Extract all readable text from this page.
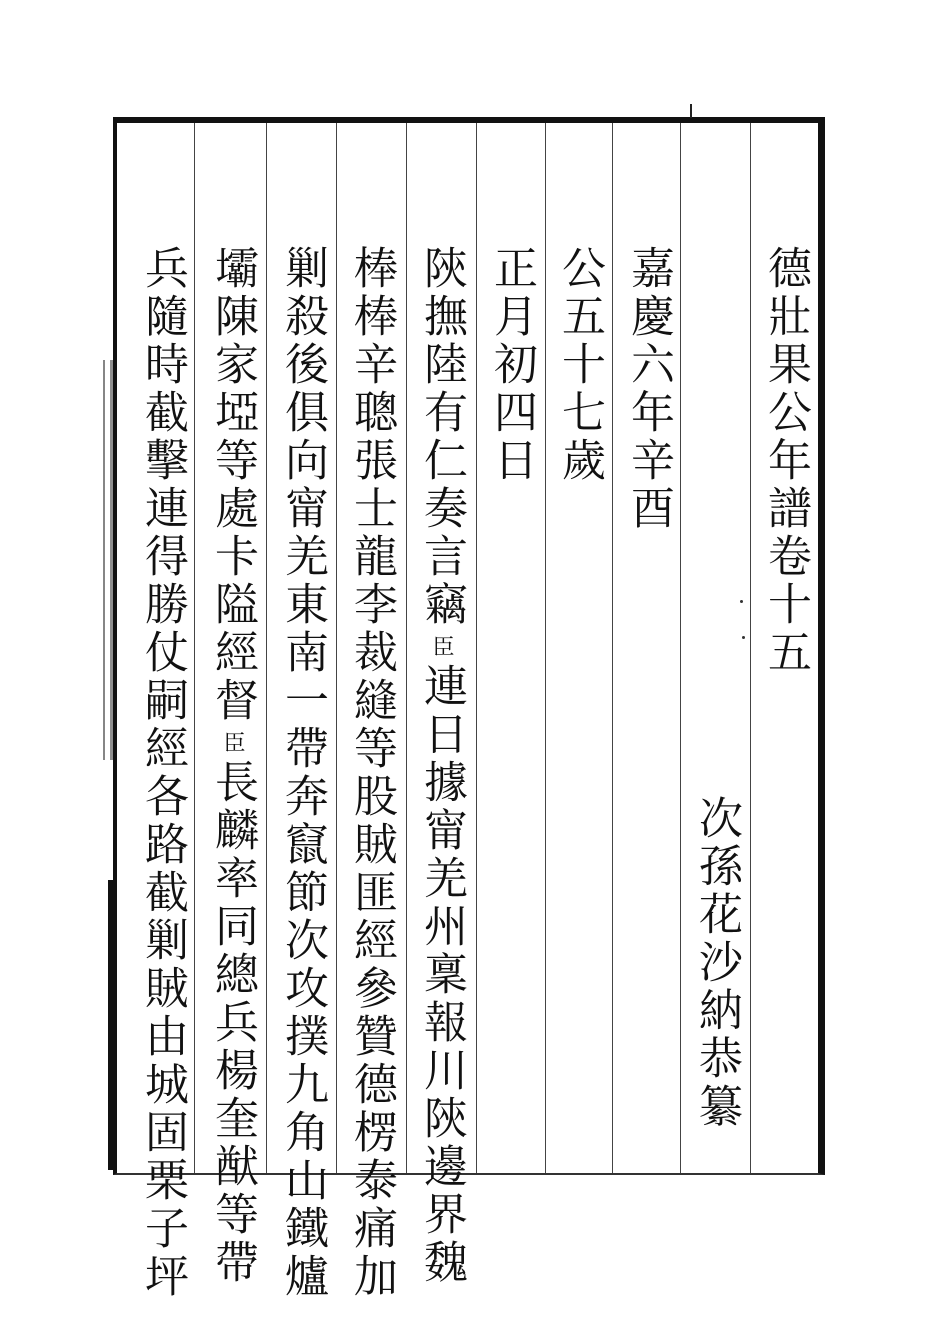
德壯果公年譜卷十五
次孫花沙納恭纂
嘉慶六年辛酉
公五十七歲
正月初四日
陝撫陸有仁奏言竊臣連日據甯羌州稟報川陝邊界魏
棒棒辛聰張士龍李裁縫等股賊匪經參贊德楞泰痛加
剿殺後俱向甯羌東南一帶奔竄節次攻撲九角山鐵爐
壩陳家埡等處卡隘經督臣長麟率同總兵楊奎猷等帶
兵隨時截擊連得勝仗嗣經各路截剿賊由城固栗子坪
